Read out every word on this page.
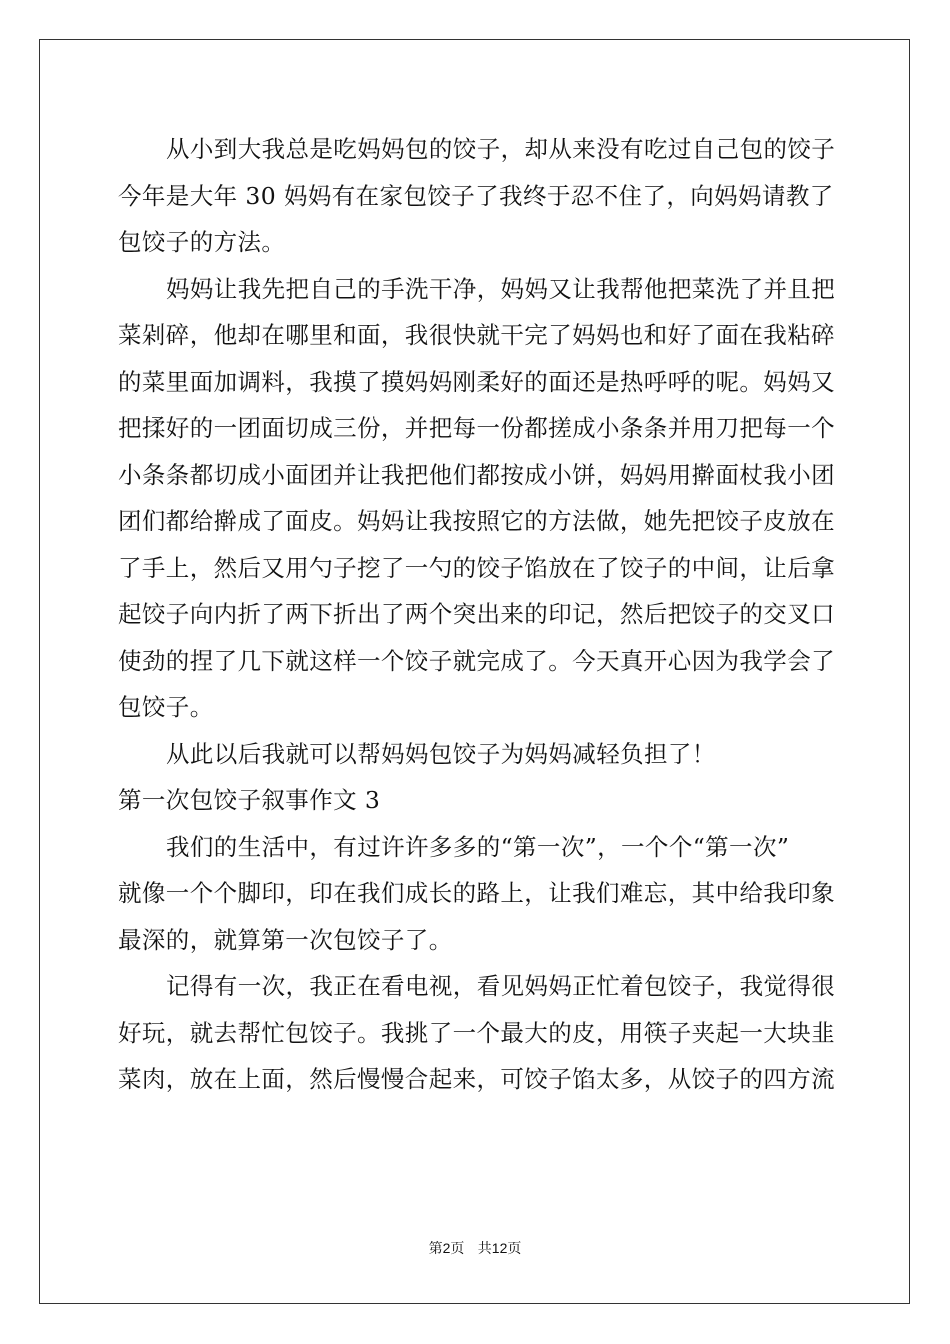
从小到大我总是吃妈妈包的饺子，却从来没有吃过自己包的饺子
今年是大年 30 妈妈有在家包饺子了我终于忍不住了，向妈妈请教了
包饺子的方法。
妈妈让我先把自己的手洗干净，妈妈又让我帮他把菜洗了并且把
菜剁碎，他却在哪里和面，我很快就干完了妈妈也和好了面在我粘碎
的菜里面加调料，我摸了摸妈妈刚柔好的面还是热呼呼的呢。妈妈又
把揉好的一团面切成三份，并把每一份都搓成小条条并用刀把每一个
小条条都切成小面团并让我把他们都按成小饼，妈妈用擀面杖我小团
团们都给擀成了面皮。妈妈让我按照它的方法做，她先把饺子皮放在
了手上，然后又用勺子挖了一勺的饺子馅放在了饺子的中间，让后拿
起饺子向内折了两下折出了两个突出来的印记，然后把饺子的交叉口
使劲的捏了几下就这样一个饺子就完成了。今天真开心因为我学会了
包饺子。
从此以后我就可以帮妈妈包饺子为妈妈减轻负担了！
第一次包饺子叙事作文 3
我们的生活中，有过许许多多的“第一次”，一个个“第一次”
就像一个个脚印，印在我们成长的路上，让我们难忘，其中给我印象
最深的，就算第一次包饺子了。
记得有一次，我正在看电视，看见妈妈正忙着包饺子，我觉得很
好玩，就去帮忙包饺子。我挑了一个最大的皮，用筷子夹起一大块韭
菜肉，放在上面，然后慢慢合起来，可饺子馅太多，从饺子的四方流
第2页 共12页
